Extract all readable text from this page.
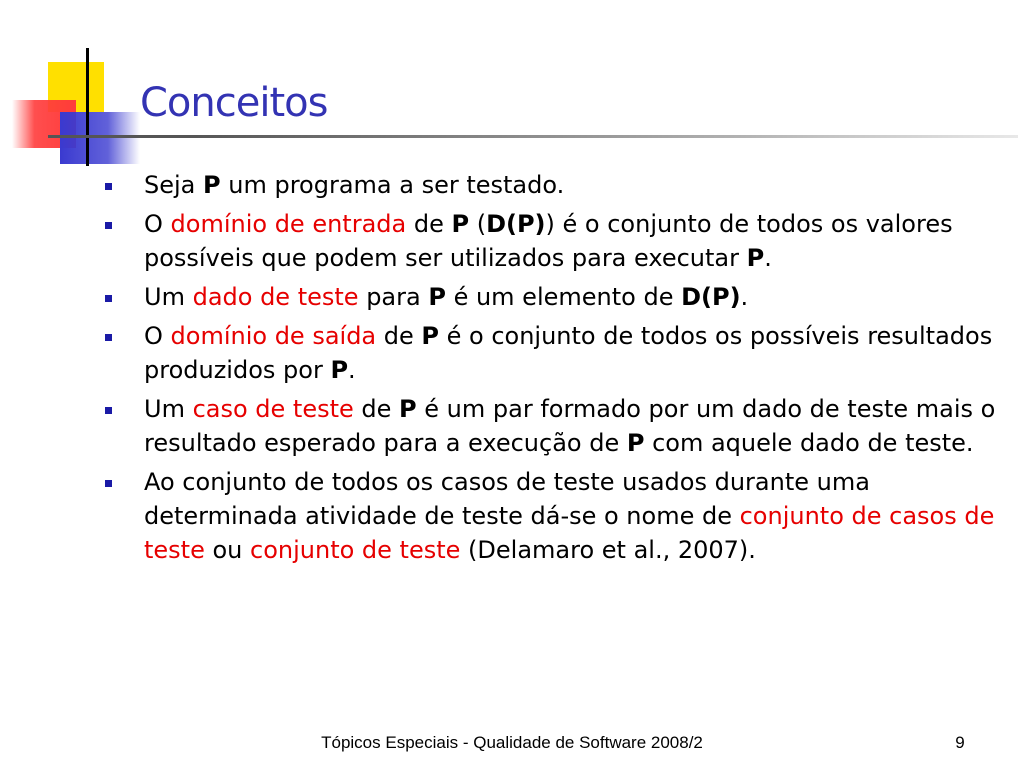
Conceitos
Seja P um programa a ser testado.
O domínio de entrada de P (D(P)) é o conjunto de todos os valores possíveis que podem ser utilizados para executar P.
Um dado de teste para P é um elemento de D(P).
O domínio de saída de P é o conjunto de todos os possíveis resultados produzidos por P.
Um caso de teste de P é um par formado por um dado de teste mais o resultado esperado para a execução de P com aquele dado de teste.
Ao conjunto de todos os casos de teste usados durante uma determinada atividade de teste dá-se o nome de conjunto de casos de teste ou conjunto de teste (Delamaro et al., 2007).
Tópicos Especiais - Qualidade de Software 2008/2	9
